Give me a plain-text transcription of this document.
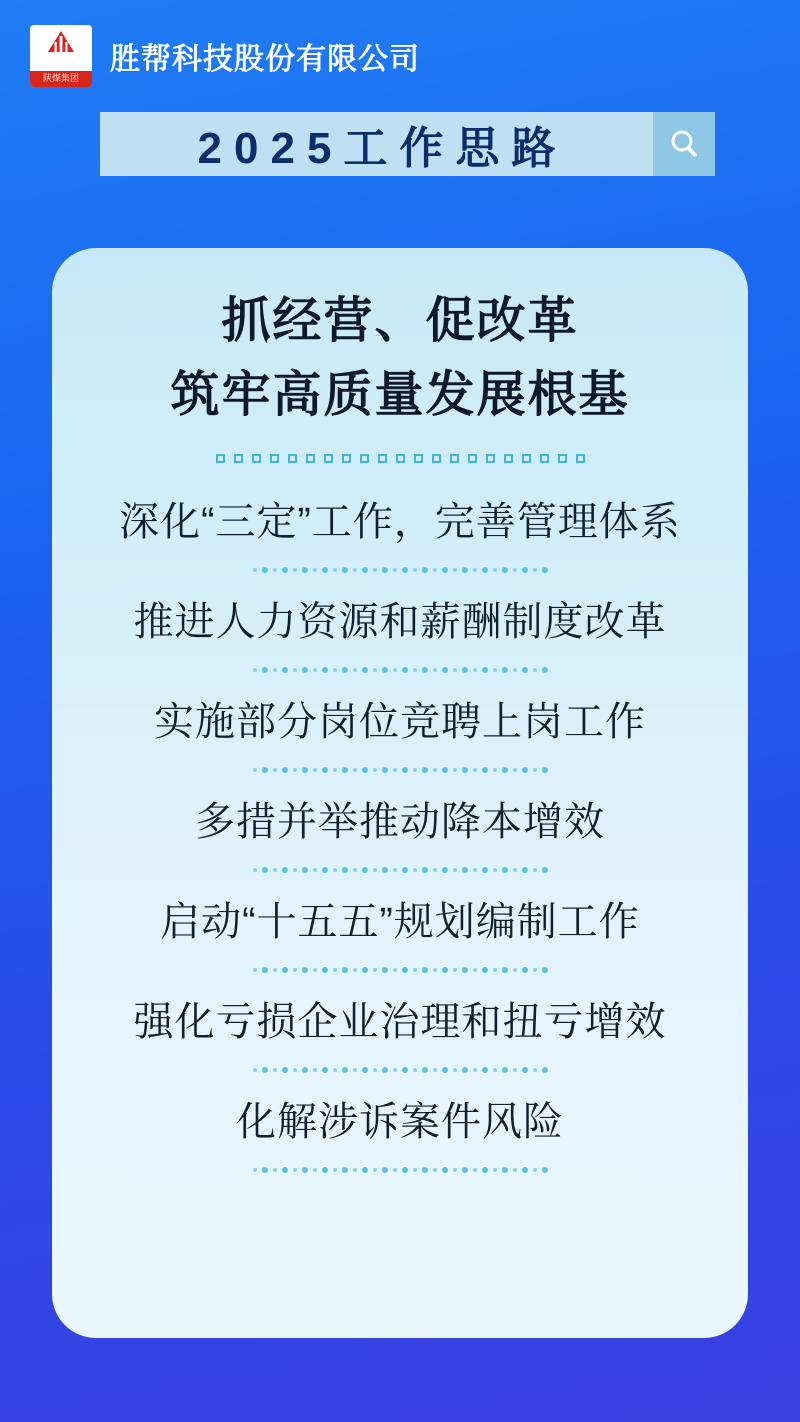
陕煤集团
胜帮科技股份有限公司
2025工作思路
抓经营、促改革
筑牢高质量发展根基
深化“三定”工作，完善管理体系
推进人力资源和薪酬制度改革
实施部分岗位竞聘上岗工作
多措并举推动降本增效
启动“十五五”规划编制工作
强化亏损企业治理和扭亏增效
化解涉诉案件风险
